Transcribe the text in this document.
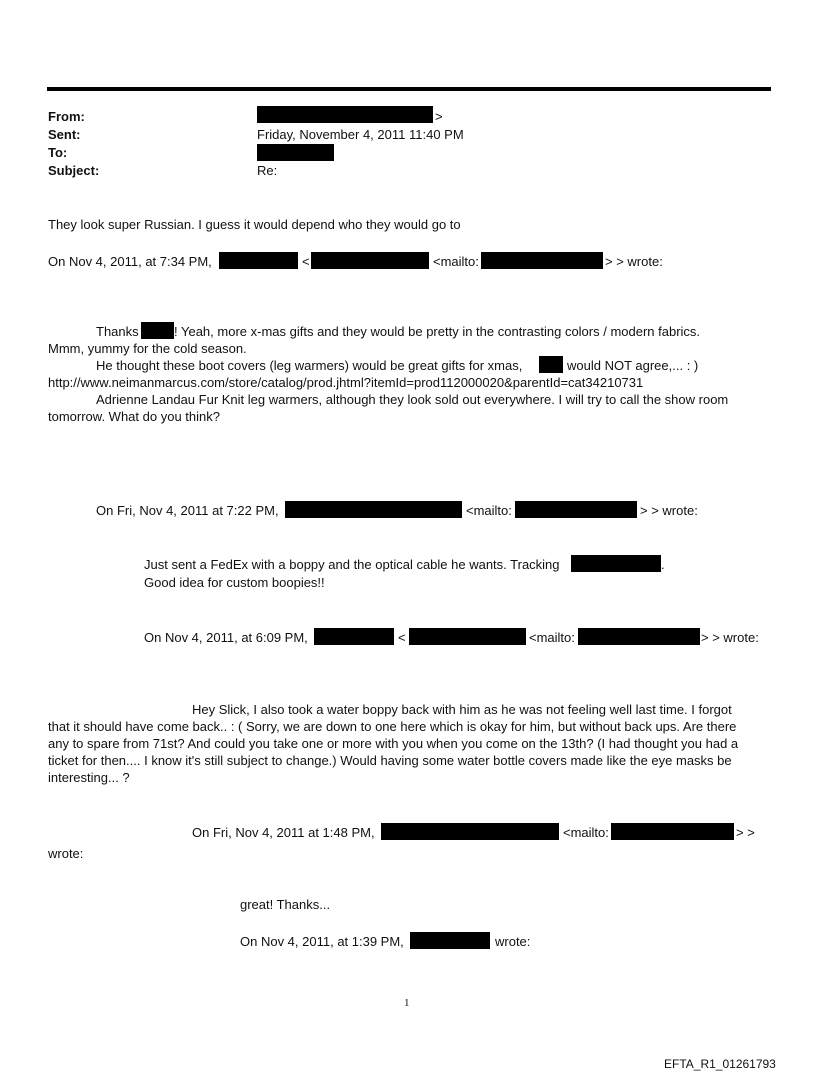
From:	>
Sent:	Friday, November 4, 2011 11:40 PM
To:
Subject:	Re:
They look super Russian. I guess it would depend who they would go to
On Nov 4, 2011, at 7:34 PM,	<	<mailto:	> > wrote:
Thanks	! Yeah, more x-mas gifts and they would be pretty in the contrasting colors / modern fabrics.
Mmm, yummy for the cold season.
He thought these boot covers (leg warmers) would be great gifts for xmas,	would NOT agree,... : )
http://www.neimanmarcus.com/store/catalog/prod.jhtml?itemId=prod112000020&parentId=cat34210731
Adrienne Landau Fur Knit leg warmers, although they look sold out everywhere. I will try to call the show room
tomorrow. What do you think?
On Fri, Nov 4, 2011 at 7:22 PM,	<mailto:	> > wrote:
Just sent a FedEx with a boppy and the optical cable he wants. Tracking	.
Good idea for custom boopies!!
On Nov 4, 2011, at 6:09 PM,	<	<mailto:	> > wrote:
Hey Slick, I also took a water boppy back with him as he was not feeling well last time. I forgot
that it should have come back.. : ( Sorry, we are down to one here which is okay for him, but without back ups. Are there
any to spare from 71st? And could you take one or more with you when you come on the 13th? (I had thought you had a
ticket for then.... I know it's still subject to change.) Would having some water bottle covers made like the eye masks be
interesting... ?
On Fri, Nov 4, 2011 at 1:48 PM,	<mailto:	> >
wrote:
great! Thanks...
On Nov 4, 2011, at 1:39 PM,	wrote:
1
EFTA_R1_01261793
